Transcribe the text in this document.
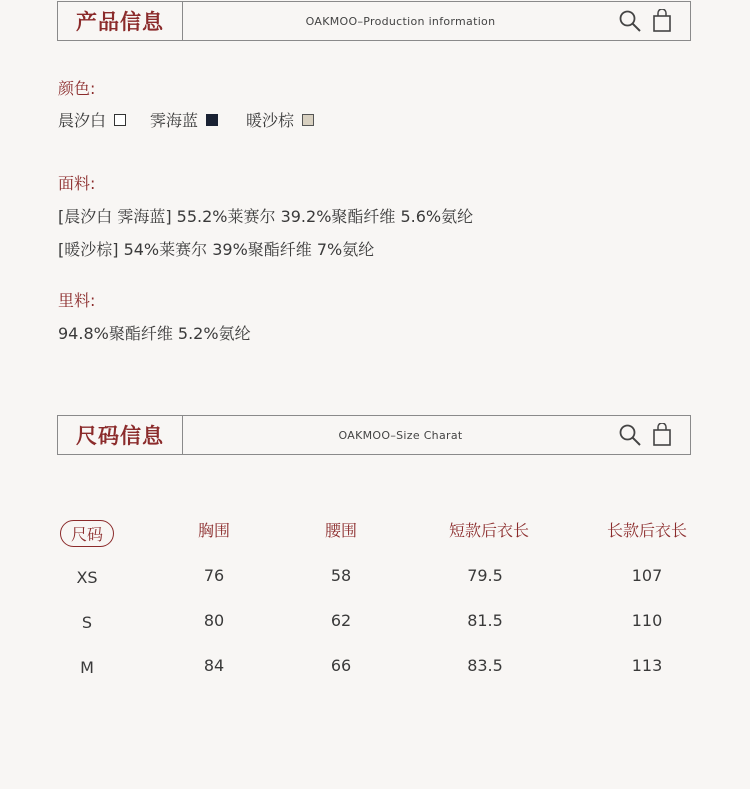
产品信息	OAKMOO–Production information
颜色:
晨汐白	霁海蓝	暖沙棕
面料:
[晨汐白 霁海蓝] 55.2%莱赛尔 39.2%聚酯纤维 5.6%氨纶
[暖沙棕] 54%莱赛尔 39%聚酯纤维 7%氨纶
里料:
94.8%聚酯纤维 5.2%氨纶
尺码信息	OAKMOO–Size Charat
尺码	胸围	腰围	短款后衣长	长款后衣长
XS	76	58	79.5	107
S	80	62	81.5	110
M	84	66	83.5	113
